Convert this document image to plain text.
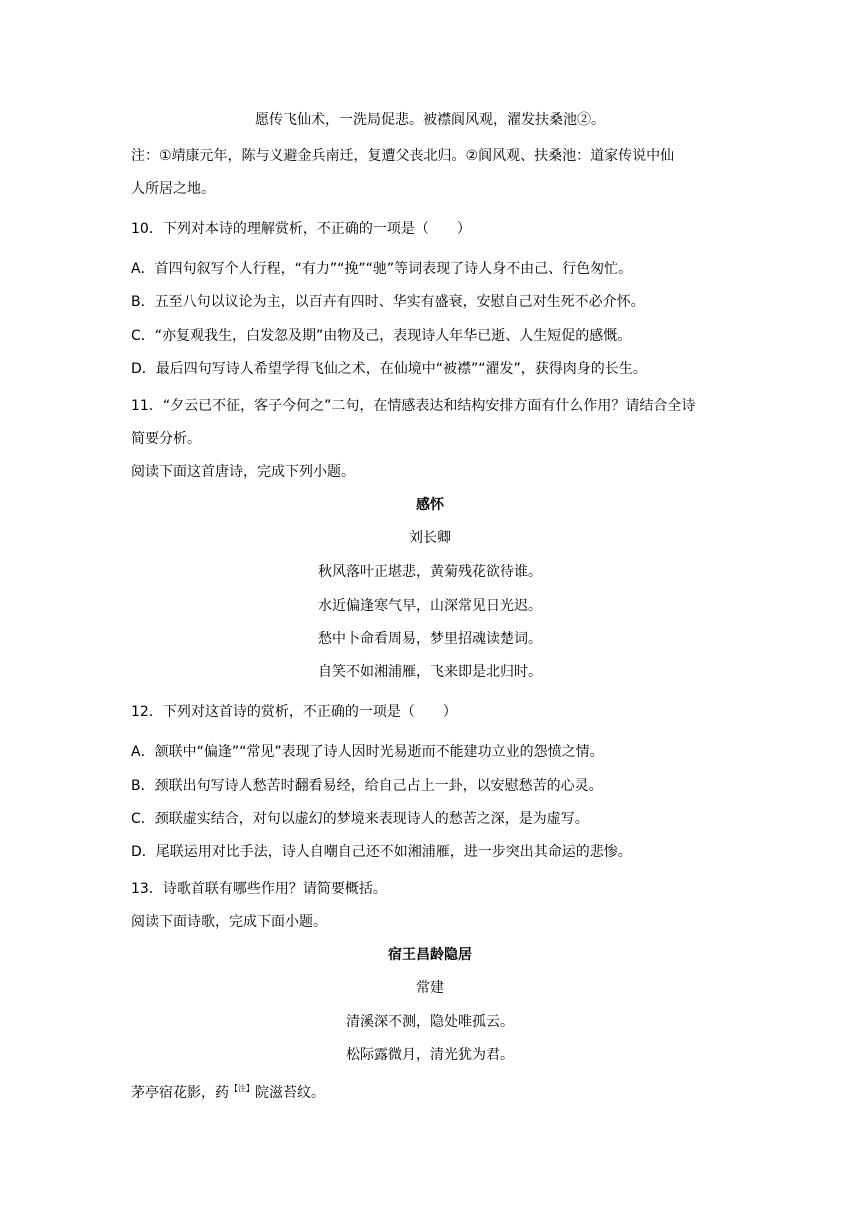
愿传飞仙术，一洗局促悲。被襟阆风观，濯发扶桑池②。
注：①靖康元年，陈与义避金兵南迁，复遭父丧北归。②阆风观、扶桑池：道家传说中仙
人所居之地。
10．下列对本诗的理解赏析，不正确的一项是（　　）
A．首四句叙写个人行程，“有力”“挽”“驰”等词表现了诗人身不由己、行色匆忙。
B．五至八句以议论为主，以百卉有四时、华实有盛衰，安慰自己对生死不必介怀。
C．“亦复观我生，白发忽及期”由物及己，表现诗人年华已逝、人生短促的感慨。
D．最后四句写诗人希望学得飞仙之术，在仙境中“被襟”“濯发”，获得肉身的长生。
11．“夕云已不征，客子今何之”二句，在情感表达和结构安排方面有什么作用？请结合全诗
简要分析。
阅读下面这首唐诗，完成下列小题。
感怀
刘长卿
秋风落叶正堪悲，黄菊残花欲待谁。
水近偏逢寒气早，山深常见日光迟。
愁中卜命看周易，梦里招魂读楚词。
自笑不如湘浦雁，飞来即是北归时。
12．下列对这首诗的赏析，不正确的一项是（　　）
A．颔联中“偏逢”“常见”表现了诗人因时光易逝而不能建功立业的怨愤之情。
B．颈联出句写诗人愁苦时翻看易经，给自己占上一卦，以安慰愁苦的心灵。
C．颈联虚实结合，对句以虚幻的梦境来表现诗人的愁苦之深，是为虚写。
D．尾联运用对比手法，诗人自嘲自己还不如湘浦雁，进一步突出其命运的悲惨。
13．诗歌首联有哪些作用？请简要概括。
阅读下面诗歌，完成下面小题。
宿王昌龄隐居
常建
清溪深不测，隐处唯孤云。
松际露微月，清光犹为君。
茅亭宿花影，药$^{【注】}$院滋苔纹。
